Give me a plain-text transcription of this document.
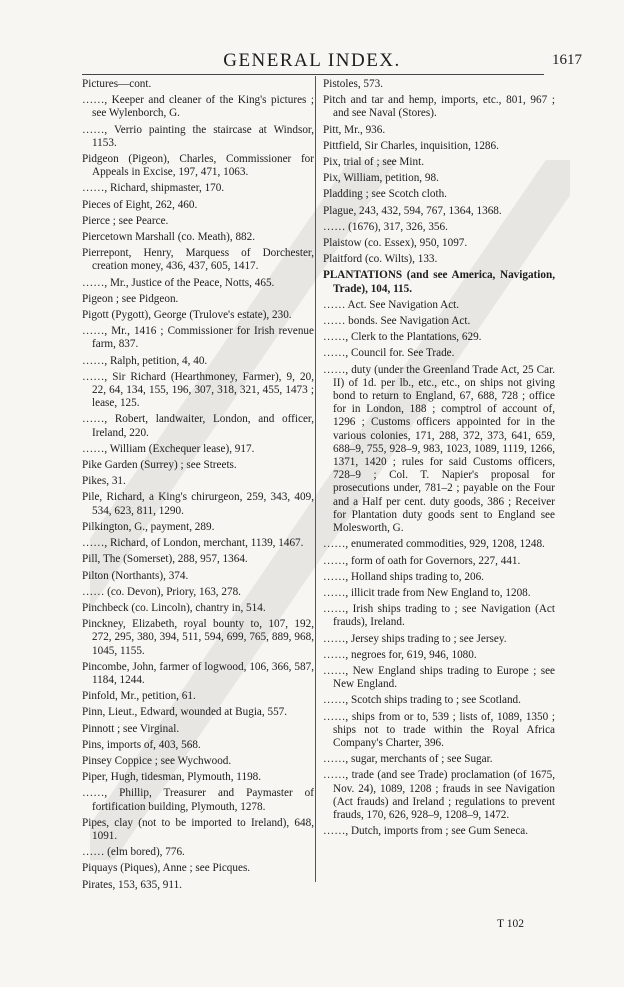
GENERAL INDEX.	1617
Pictures—cont.
……, Keeper and cleaner of the King's pictures ; see Wylenborch, G.
……, Verrio painting the staircase at Windsor, 1153.
Pidgeon (Pigeon), Charles, Commissioner for Appeals in Excise, 197, 471, 1063.
……, Richard, shipmaster, 170.
Pieces of Eight, 262, 460.
Pierce ; see Pearce.
Piercetown Marshall (co. Meath), 882.
Pierrepont, Henry, Marquess of Dorchester, creation money, 436, 437, 605, 1417.
……, Mr., Justice of the Peace, Notts, 465.
Pigeon ; see Pidgeon.
Pigott (Pygott), George (Trulove's estate), 230.
……, Mr., 1416 ; Commissioner for Irish revenue farm, 837.
……, Ralph, petition, 4, 40.
……, Sir Richard (Hearthmoney, Farmer), 9, 20, 22, 64, 134, 155, 196, 307, 318, 321, 455, 1473 ; lease, 125.
……, Robert, landwaiter, London, and officer, Ireland, 220.
……, William (Exchequer lease), 917.
Pike Garden (Surrey) ; see Streets.
Pikes, 31.
Pile, Richard, a King's chirurgeon, 259, 343, 409, 534, 623, 811, 1290.
Pilkington, G., payment, 289.
……, Richard, of London, merchant, 1139, 1467.
Pill, The (Somerset), 288, 957, 1364.
Pilton (Northants), 374.
…… (co. Devon), Priory, 163, 278.
Pinchbeck (co. Lincoln), chantry in, 514.
Pinckney, Elizabeth, royal bounty to, 107, 192, 272, 295, 380, 394, 511, 594, 699, 765, 889, 968, 1045, 1155.
Pincombe, John, farmer of logwood, 106, 366, 587, 1184, 1244.
Pinfold, Mr., petition, 61.
Pinn, Lieut., Edward, wounded at Bugia, 557.
Pinnott ; see Virginal.
Pins, imports of, 403, 568.
Pinsey Coppice ; see Wychwood.
Piper, Hugh, tidesman, Plymouth, 1198.
……, Phillip, Treasurer and Paymaster of fortification building, Plymouth, 1278.
Pipes, clay (not to be imported to Ireland), 648, 1091.
…… (elm bored), 776.
Piquays (Piques), Anne ; see Picques.
Pirates, 153, 635, 911.
Pistoles, 573.
Pitch and tar and hemp, imports, etc., 801, 967 ; and see Naval (Stores).
Pitt, Mr., 936.
Pittfield, Sir Charles, inquisition, 1286.
Pix, trial of ; see Mint.
Pix, William, petition, 98.
Pladding ; see Scotch cloth.
Plague, 243, 432, 594, 767, 1364, 1368.
…… (1676), 317, 326, 356.
Plaistow (co. Essex), 950, 1097.
Plaitford (co. Wilts), 133.
PLANTATIONS (and see America, Navigation, Trade), 104, 115.
…… Act. See Navigation Act.
…… bonds. See Navigation Act.
……, Clerk to the Plantations, 629.
……, Council for. See Trade.
……, duty (under the Greenland Trade Act, 25 Car. II) of 1d. per lb., etc., etc., on ships not giving bond to return to England, 67, 688, 728 ; office for in London, 188 ; comptrol of account of, 1296 ; Customs officers appointed for in the various colonies, 171, 288, 372, 373, 641, 659, 688–9, 755, 928–9, 983, 1023, 1089, 1119, 1266, 1371, 1420 ; rules for said Customs officers, 728–9 ; Col. T. Napier's proposal for prosecutions under, 781–2 ; payable on the Four and a Half per cent. duty goods, 386 ; Receiver for Plantation duty goods sent to England see Molesworth, G.
……, enumerated commodities, 929, 1208, 1248.
……, form of oath for Governors, 227, 441.
……, Holland ships trading to, 206.
……, illicit trade from New England to, 1208.
……, Irish ships trading to ; see Navigation (Act frauds), Ireland.
……, Jersey ships trading to ; see Jersey.
……, negroes for, 619, 946, 1080.
……, New England ships trading to Europe ; see New England.
……, Scotch ships trading to ; see Scotland.
……, ships from or to, 539 ; lists of, 1089, 1350 ; ships not to trade within the Royal Africa Company's Charter, 396.
……, sugar, merchants of ; see Sugar.
……, trade (and see Trade) proclamation (of 1675, Nov. 24), 1089, 1208 ; frauds in see Navigation (Act frauds) and Ireland ; regulations to prevent frauds, 170, 626, 928–9, 1208–9, 1472.
……, Dutch, imports from ; see Gum Seneca.
T 102
